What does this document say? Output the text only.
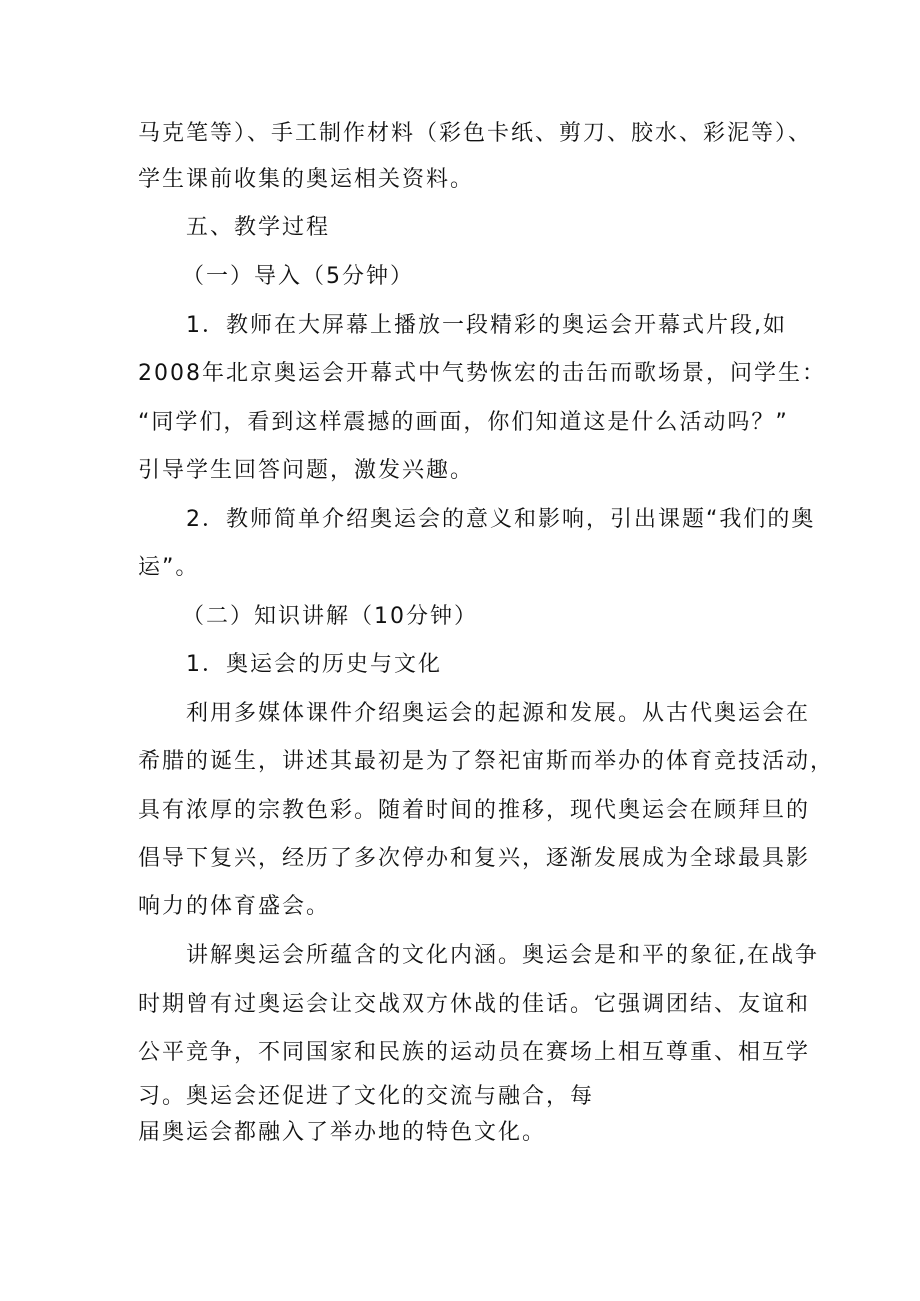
马克笔等）、手工制作材料（彩色卡纸、剪刀、胶水、彩泥等）、
学生课前收集的奥运相关资料。
五、教学过程
（一）导入（5分钟）
1．教师在大屏幕上播放一段精彩的奥运会开幕式片段,如
2008年北京奥运会开幕式中气势恢宏的击缶而歌场景，问学生：
“同学们，看到这样震撼的画面，你们知道这是什么活动吗？”
引导学生回答问题，激发兴趣。
2．教师简单介绍奥运会的意义和影响，引出课题“我们的奥
运”。
（二）知识讲解（10分钟）
1．奥运会的历史与文化
利用多媒体课件介绍奥运会的起源和发展。从古代奥运会在
希腊的诞生，讲述其最初是为了祭祀宙斯而举办的体育竞技活动，
具有浓厚的宗教色彩。随着时间的推移，现代奥运会在顾拜旦的
倡导下复兴，经历了多次停办和复兴，逐渐发展成为全球最具影
响力的体育盛会。
讲解奥运会所蕴含的文化内涵。奥运会是和平的象征,在战争
时期曾有过奥运会让交战双方休战的佳话。它强调团结、友谊和
公平竞争，不同国家和民族的运动员在赛场上相互尊重、相互学
习。奥运会还促进了文化的交流与融合，每
届奥运会都融入了举办地的特色文化。
